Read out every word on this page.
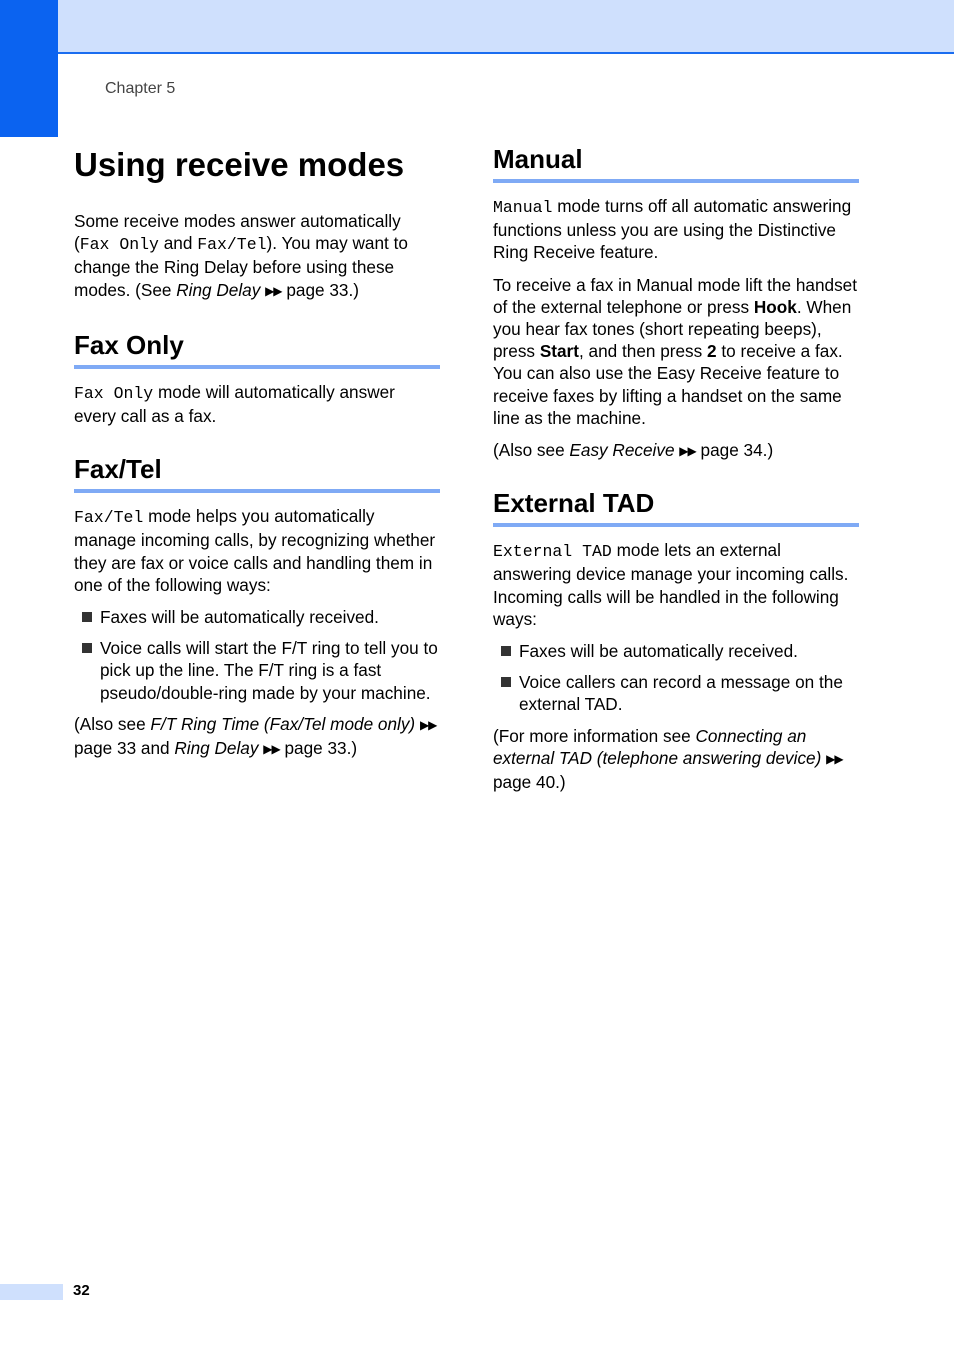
Chapter 5
Using receive modes

Some receive modes answer automatically (Fax Only and Fax/Tel). You may want to change the Ring Delay before using these modes. (See Ring Delay ▶▶ page 33.)

Fax Only

Fax Only mode will automatically answer every call as a fax.

Fax/Tel

Fax/Tel mode helps you automatically manage incoming calls, by recognizing whether they are fax or voice calls and handling them in one of the following ways:

Faxes will be automatically received.
Voice calls will start the F/T ring to tell you to pick up the line. The F/T ring is a fast pseudo/double-ring made by your machine.

(Also see F/T Ring Time (Fax/Tel mode only) ▶▶ page 33 and Ring Delay ▶▶ page 33.)

Manual

Manual mode turns off all automatic answering functions unless you are using the Distinctive Ring Receive feature.

To receive a fax in Manual mode lift the handset of the external telephone or press Hook. When you hear fax tones (short repeating beeps), press Start, and then press 2 to receive a fax. You can also use the Easy Receive feature to receive faxes by lifting a handset on the same line as the machine.

(Also see Easy Receive ▶▶ page 34.)

External TAD

External TAD mode lets an external answering device manage your incoming calls. Incoming calls will be handled in the following ways:

Faxes will be automatically received.
Voice callers can record a message on the external TAD.

(For more information see Connecting an external TAD (telephone answering device) ▶▶ page 40.)

32
